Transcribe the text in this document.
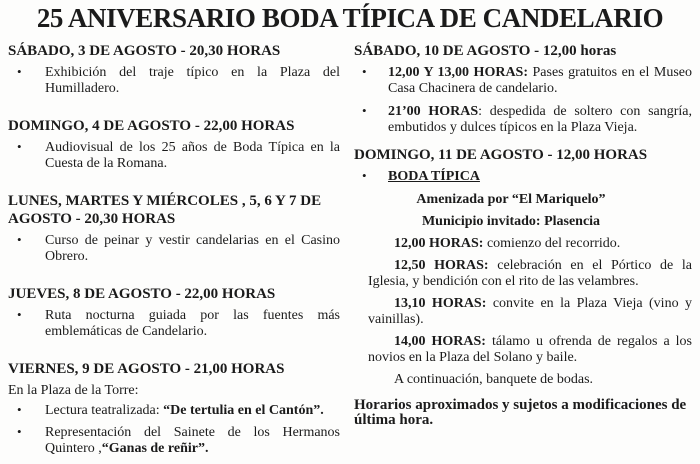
25 ANIVERSARIO BODA TÍPICA DE CANDELARIO
SÁBADO, 3 DE AGOSTO - 20,30 HORAS
• Exhibición del traje típico en la Plaza del Humilladero.
DOMINGO, 4 DE AGOSTO - 22,00 HORAS
• Audiovisual de los 25 años de Boda Típica en la Cuesta de la Romana.
LUNES, MARTES Y MIÉRCOLES , 5, 6 Y 7 DE AGOSTO - 20,30 HORAS
• Curso de peinar y vestir candelarias en el Casino Obrero.
JUEVES, 8 DE AGOSTO - 22,00 HORAS
• Ruta nocturna guiada por las fuentes más emblemáticas de Candelario.
VIERNES, 9 DE AGOSTO - 21,00 HORAS
En la Plaza de la Torre:
• Lectura teatralizada: “De tertulia en el Cantón”.
• Representación del Sainete de los Hermanos Quintero ,“Ganas de reñir”.
SÁBADO, 10 DE AGOSTO - 12,00 horas
• 12,00 Y 13,00 HORAS: Pases gratuitos en el Museo Casa Chacinera de candelario.
• 21’00 HORAS: despedida de soltero con sangría, embutidos y dulces típicos en la Plaza Vieja.
DOMINGO, 11 DE AGOSTO - 12,00 HORAS
• BODA TÍPICA
Amenizada por “El Mariquelo”
Municipio invitado: Plasencia
12,00 HORAS: comienzo del recorrido.
12,50 HORAS: celebración en el Pórtico de la Iglesia, y bendición con el rito de las velambres.
13,10 HORAS: convite en la Plaza Vieja (vino y vainillas).
14,00 HORAS: tálamo u ofrenda de regalos a los novios en la Plaza del Solano y baile.
A continuación, banquete de bodas.
Horarios aproximados y sujetos a modificaciones de última hora.
